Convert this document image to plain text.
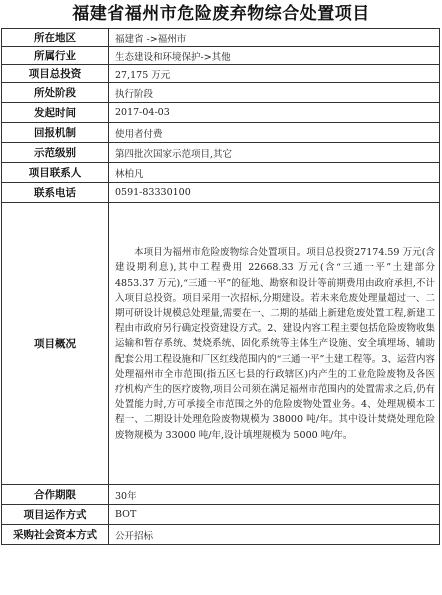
福建省福州市危险废弃物综合处置项目
所在地区	福建省 ->福州市
所属行业	生态建设和环境保护->其他
项目总投资	27,175 万元
所处阶段	执行阶段
发起时间	2017-04-03
回报机制	使用者付费
示范级别	第四批次国家示范项目,其它
项目联系人	林柏凡
联系电话	0591-83330100
项目概况	本项目为福州市危险废物综合处置项目。项目总投资27174.59 万元(含建设期利息),其中工程费用 22668.33 万元(含“三通一平”土建部分 4853.37 万元),“三通一平”的征地、勘察和设计等前期费用由政府承担,不计入项目总投资。项目采用一次招标,分期建设。若未来危废处理量超过一、二期可研设计规模总处理量,需要在一、二期的基础上新建危废处置工程,新建工程由市政府另行确定投资建设方式。2、建设内容工程主要包括危险废物收集运输和暂存系统、焚烧系统、固化系统等主体生产设施、安全填埋场、辅助配套公用工程设施和厂区红线范围内的“三通一平”土建工程等。3、运营内容处理福州市全市范围(指五区七县的行政辖区)内产生的工业危险废物及各医疗机构产生的医疗废物,项目公司须在满足福州市范围内的处置需求之后,仍有处置能力时,方可承接全市范围之外的危险废物处置业务。4、处理规模本工程一、二期设计处理危险废物规模为 38000 吨/年。其中设计焚烧处理危险废物规模为 33000 吨/年,设计填埋规模为 5000 吨/年。

合作期限	30年
项目运作方式	BOT
采购社会资本方式	公开招标
